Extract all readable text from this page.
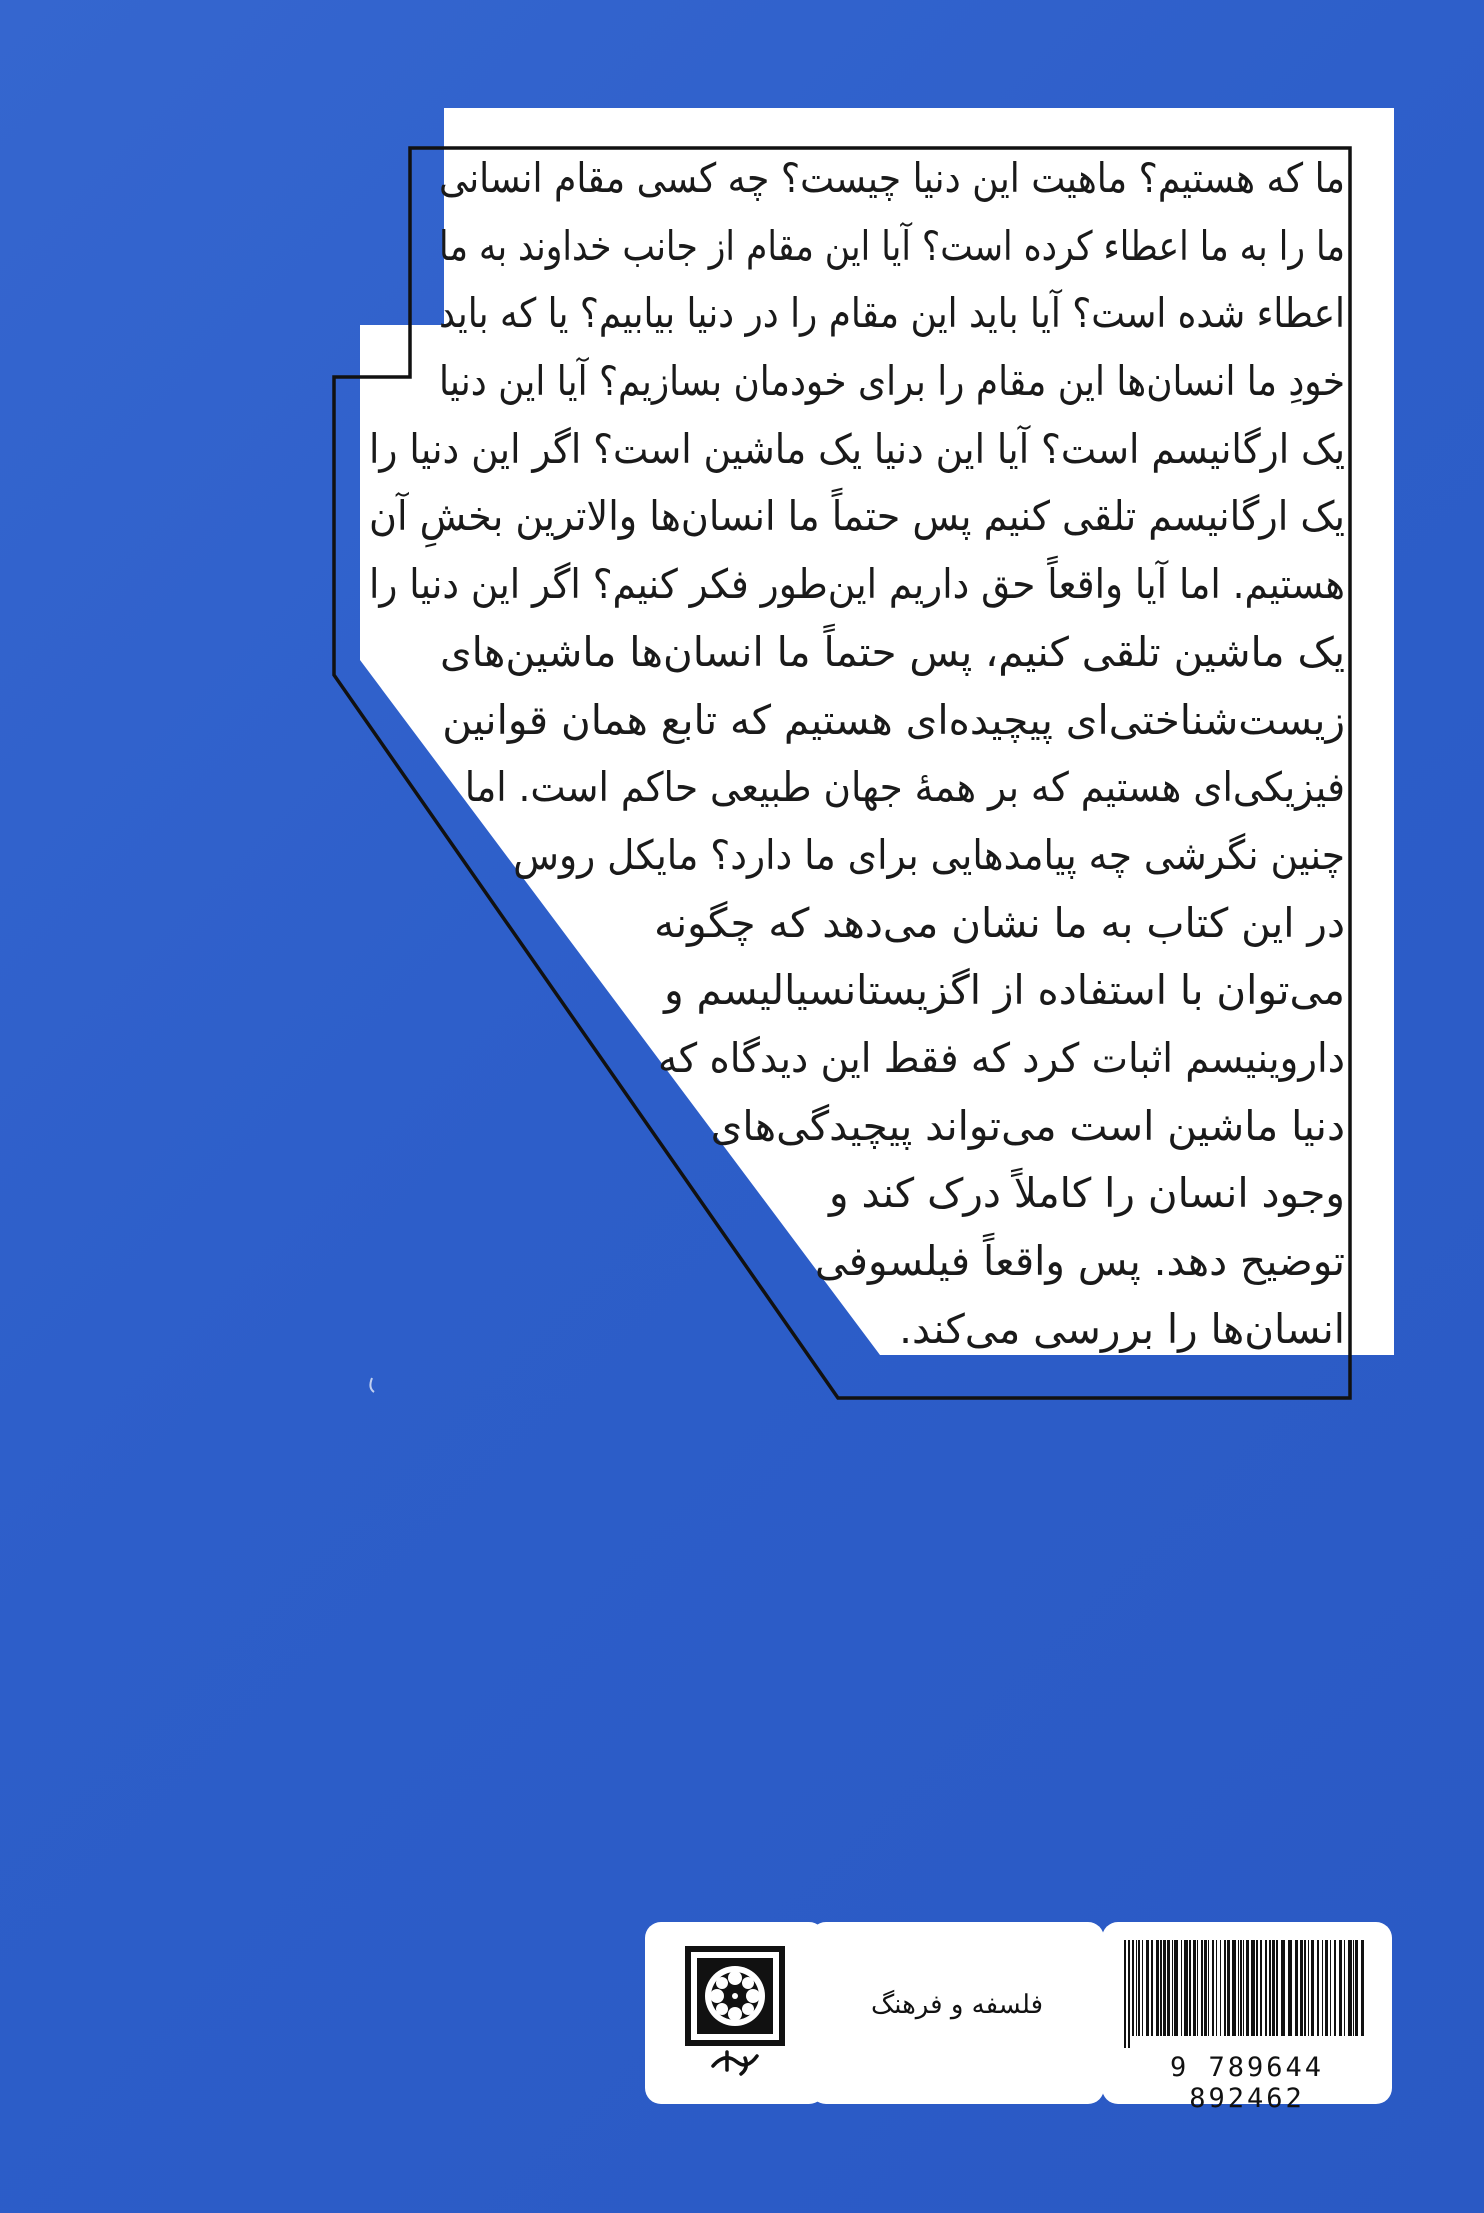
ما که هستیم؟ ماهیت این دنیا چیست؟ چه کسی مقام انسانی
ما را به ما اعطاء کرده است؟ آیا این مقام از جانب خداوند به ما
اعطاء شده است؟ آیا باید این مقام را در دنیا بیابیم؟ یا که باید
خودِ ما انسان‌ها این مقام را برای خودمان بسازیم؟ آیا این دنیا
یک ارگانیسم است؟ آیا این دنیا یک ماشین است؟ اگر این دنیا را
یک ارگانیسم تلقی کنیم پس حتماً ما انسان‌ها والاترین بخشِ آن
هستیم. اما آیا واقعاً حق داریم این‌طور فکر کنیم؟ اگر این دنیا را
یک ماشین تلقی کنیم، پس حتماً ما انسان‌ها ماشین‌های
زیست‌شناختی‌ای پیچیده‌ای هستیم که تابع همان قوانین
فیزیکی‌ای هستیم که بر همهٔ جهان طبیعی حاکم است. اما
چنین نگرشی چه پیامدهایی برای ما دارد؟ مایکل روس
در این کتاب به ما نشان می‌دهد که چگونه
می‌توان با استفاده از اگزیستانسیالیسم و
داروینیسم اثبات کرد که فقط این دیدگاه که
دنیا ماشین است می‌تواند پیچیدگی‌های
وجود انسان را کاملاً درک کند و
توضیح دهد. پس واقعاً فیلسوفی
انسان‌ها را بررسی می‌کند.
فلسفه و فرهنگ
9 789644 892462
